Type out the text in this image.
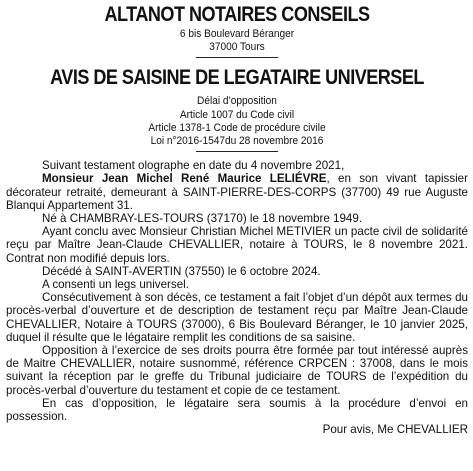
ALTANOT NOTAIRES CONSEILS
6 bis Boulevard Béranger
37000 Tours
AVIS DE SAISINE DE LEGATAIRE UNIVERSEL
Délai d’opposition
Article 1007 du Code civil
Article 1378-1 Code de procédure civile
Loi n°2016-1547du 28 novembre 2016

Suivant testament olographe en date du 4 novembre 2021,

Monsieur Jean Michel René Maurice LELIÉVRE, en son vivant tapissier décorateur retraité, demeurant à SAINT-PIERRE-DES-CORPS (37700) 49 rue Auguste Blanqui Appartement 31.

Né à CHAMBRAY-LES-TOURS (37170) le 18 novembre 1949.

Ayant conclu avec Monsieur Christian Michel METIVIER un pacte civil de solidarité reçu par Maître Jean-Claude CHEVALLIER, notaire à TOURS, le 8 novembre 2021. Contrat non modifié depuis lors.

Décédé à SAINT-AVERTIN (37550) le 6 octobre 2024.

A consenti un legs universel.

Consécutivement à son décès, ce testament a fait l’objet d’un dépôt aux termes du procès-verbal d’ouverture et de description de testament reçu par Maître Jean-Claude CHEVALLIER, Notaire à TOURS (37000), 6 Bis Boulevard Béranger, le 10 janvier 2025, duquel il résulte que le légataire remplit les conditions de sa saisine.

Opposition à l’exercice de ses droits pourra être formée par tout intéressé auprès de Maitre CHEVALLIER, notaire susnommé, référence CRPCEN : 37008, dans le mois suivant la réception par le greffe du Tribunal judiciaire de TOURS de l’expédition du procès-verbal d’ouverture du testament et copie de ce testament.

En cas d’opposition, le légataire sera soumis à la procédure d’envoi en possession.

Pour avis, Me CHEVALLIER
